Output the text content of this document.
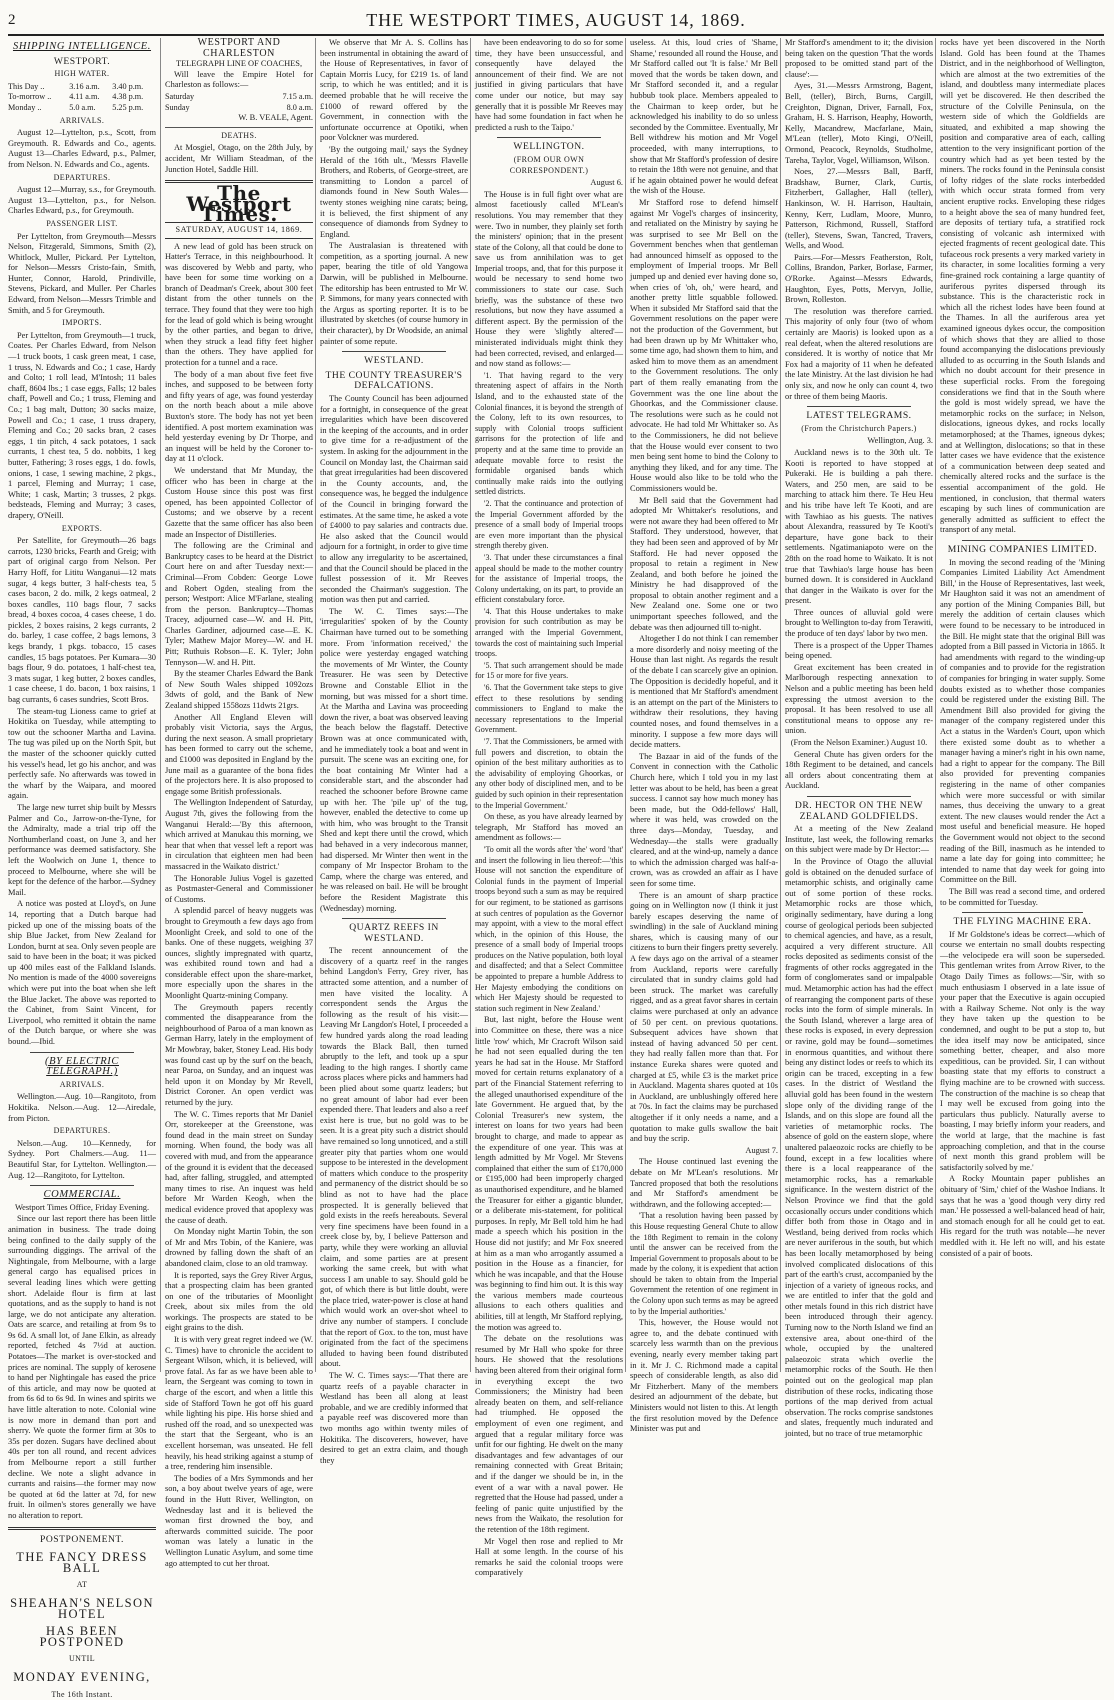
2	THE WESTPORT TIMES, AUGUST 14, 1869.
SHIPPING INTELLIGENCE.
WESTPORT.
HIGH WATER.
This Day ..	3.16 a.m.	3.40 p.m.
To-morrow ..	4.11 a.m.	4.38 p.m.
Monday ..	5.0 a.m.	5.25 p.m.
ARRIVALS.

August 12—Lyttelton, p.s., Scott, from Greymouth. R. Edwards and Co., agents. August 13—Charles Edward, p.s., Palmer, from Nelson. N. Edwards and Co., agents.

DEPARTURES.

August 12—Murray, s.s., for Greymouth. August 13—Lyttelton, p.s., for Nelson. Charles Edward, p.s., for Greymouth.

PASSENGER LIST.

Per Lyttelton, from Greymouth—Messrs Nelson, Fitzgerald, Simmons, Smith (2), Whitlock, Muller, Pickard. Per Lyttelton, for Nelson—Messrs Cristo-fain, Smith, Hunter, Connor, Harold, Prindiville, Stevens, Pickard, and Muller. Per Charles Edward, from Nelson—Messrs Trimble and Smith, and 5 for Greymouth.

IMPORTS.

Per Lyttelton, from Greymouth—1 truck, Coates. Per Charles Edward, from Nelson—1 truck boots, 1 cask green meat, 1 case, 1 truss, N. Edwards and Co.; 1 case, Hardy and Colto; 1 roll lead, M'Intosh; 11 bales chaff, 8604 lbs.; 1 case eggs, Falls; 12 bales chaff, Powell and Co.; 1 truss, Fleming and Co.; 1 bag malt, Dutton; 30 sacks maize, Powell and Co.; 1 case, 1 truss drapery, Fleming and Co.; 20 sacks bran, 2 cases eggs, 1 tin pitch, 4 sack potatoes, 1 sack currants, 1 chest tea, 5 do. nobbits, 1 keg butter, Fathering; 3 roses eggs, 1 do. fowls, onions, 1 case, 1 sewing machine, 2 pkgs., 1 parcel, Fleming and Murray; 1 case, White; 1 cask, Martin; 3 trusses, 2 pkgs. bedsteads, Fleming and Murray; 3 cases, drapery, O'Neill.

EXPORTS.

Per Satellite, for Greymouth—26 bags carrots, 1230 bricks, Fearth and Greig; with part of original cargo from Nelson. Per Harry Hoff, for Lititu Wanganui—12 mats sugar, 4 kegs butter, 3 half-chests tea, 5 cases bacon, 2 do. milk, 2 kegs oatmeal, 2 boxes candles, 110 bags flour, 7 sacks bread, 4 boxes cocoa, 4 cases cheese, 1 do. pickles, 2 boxes raisins, 2 kegs currants, 2 do. barley, 1 case coffee, 2 bags lemons, 3 kegs brandy, 1 pkgs. tobacco, 15 cases candles, 15 bags potatoes. Per Kumara—30 bags flour, 9 do. potatoes, 1 half-chest tea, 3 mats sugar, 1 keg butter, 2 boxes candles, 1 case cheese, 1 do. bacon, 1 box raisins, 1 bag currants, 6 cases sundries, Scott Bros.

The steam-tug Lioness came to grief at Hokitika on Tuesday, while attempting to tow out the schooner Martha and Lavina. The tug was piled up on the North Spit, but the master of the schooner quickly cutted his vessel's head, let go his anchor, and was perfectly safe. No afterwards was towed in the wharf by the Waipara, and moored again.

The large new turret ship built by Messrs Palmer and Co., Jarrow-on-the-Tyne, for the Admiralty, made a trial trip off the Northumberland coast, on June 3, and her performance was deemed satisfactory. She left the Woolwich on June 1, thence to proceed to Melbourne, where she will be kept for the defence of the harbor.—Sydney Mail.

A notice was posted at Lloyd's, on June 14, reporting that a Dutch barque had picked up one of the missing boats of the ship Blue Jacket, from New Zealand for London, burnt at sea. Only seven people are said to have been in the boat; it was picked up 400 miles east of the Falkland Islands. No mention is made of the 4000 sovereigns which were put into the boat when she left the Blue Jacket. The above was reported to the Cabinet, from Saint Vincent, for Liverpool, who remitted it obtain the name of the Dutch barque, or where she was bound.—Ibid.

(BY ELECTRIC TELEGRAPH.)
ARRIVALS.

Wellington.—Aug. 10—Rangitoto, from Hokitika. Nelson.—Aug. 12—Airedale, from Picton.

DEPARTURES.

Nelson.—Aug. 10—Kennedy, for Sydney. Port Chalmers.—Aug. 11—Beautiful Star, for Lyttelton. Wellington.—Aug. 12—Rangitoto, for Lyttelton.

COMMERCIAL.

Westport Times Office, Friday Evening.

Since our last report there has been little animation in business. The trade doing being confined to the daily supply of the surrounding diggings. The arrival of the Nightingale, from Melbourne, with a large general cargo has equalised prices in several leading lines which were getting short. Adelaide flour is firm at last quotations, and as the supply to hand is not large, we do not anticipate any alteration. Oats are scarce, and retailing at from 9s to 9s 6d. A small lot, of Jane Elkin, as already reported, fetched 4s 7½d at auction. Potatoes—The market is over-stocked and prices are nominal. The supply of kerosene to hand per Nightingale has eased the price of this article, and may now be quoted at from 6s 6d to 6s 9d. In wines and spirits we have little alteration to note. Colonial wine is now more in demand than port and sherry. We quote the former firm at 30s to 35s per dozen. Sugars have declined about 40s per ton all round, and recent advices from Melbourne report a still further decline. We note a slight advance in currants and raisins—the former may now be quoted at 6d the latter at 7d, for new fruit. In oilmen's stores generally we have no alteration to report.

POSTPONEMENT.
THE FANCY DRESS BALL
AT
SHEAHAN'S NELSON HOTEL
HAS BEEN POSTPONED
UNTIL
MONDAY EVENING,
The 16th Instant.
WESTPORT AND CHARLESTON
TELEGRAPH LINE OF COACHES,

Will leave the Empire Hotel for Charleston as follows:—

Saturday	7.15 a.m.
Sunday	8.0 a.m.
W. B. VEALE, Agent.
DEATHS.

At Mosgiel, Otago, on the 28th July, by accident, Mr William Steadman, of the Junction Hotel, Saddle Hill.

The Westport Times.
SATURDAY, AUGUST 14, 1869.

A new lead of gold has been struck on Hatter's Terrace, in this neighbourhood. It was discovered by Webb and party, who have been for some time working on a branch of Deadman's Creek, about 300 feet distant from the other tunnels on the terrace. They found that they were too high for the lead of gold which is being wrought by the other parties, and began to drive, when they struck a lead fifty feet higher than the others. They have applied for protection for a tunnel and a race.

The body of a man about five feet five inches, and supposed to be between forty and fifty years of age, was found yesterday on the north beach about a mile above Buxton's store. The body has not yet been identified. A post mortem examination was held yesterday evening by Dr Thorpe, and an inquest will be held by the Coroner to-day at 11 o'clock.

We understand that Mr Munday, the officer who has been in charge at the Custom House since this post was first opened, has been appointed Collector of Customs; and we observe by a recent Gazette that the same officer has also been made an Inspector of Distilleries.

The following are the Criminal and Bankruptcy cases to be heard at the District Court here on and after Tuesday next:—Criminal—From Cobden: George Lowe and Robert Ogden, stealing from the person; Westport: Alice M'Farlane, stealing from the person. Bankruptcy—Thomas Tracey, adjourned case—W. and H. Pitt, Charles Gardiner, adjourned case—E. K. Tyler; Mathew Major Morey—W. and H. Pitt; Ruthuis Robson—E. K. Tyler; John Tennyson—W. and H. Pitt.

By the steamer Charles Edward the Bank of New South Wales shipped 1092ozs 3dwts of gold, and the Bank of New Zealand shipped 1558ozs 11dwts 21grs.

Another All England Eleven will probably visit Victoria, says the Argus, during the next season. A small proprietary has been formed to carry out the scheme, and £1000 was deposited in England by the June mail as a guarantee of the bona fides of the projectors here. It is also proposed to engage some British professionals.

The Wellington Independent of Saturday, August 7th, gives the following from the Wanganui Herald:—'By this afternoon, which arrived at Manukau this morning, we hear that when that vessel left a report was in circulation that eighteen men had been massacred in the Waikato district.'

The Honorable Julius Vogel is gazetted as Postmaster-General and Commissioner of Customs.

A splendid parcel of heavy nuggets was brought to Greymouth a few days ago from Moonlight Creek, and sold to one of the banks. One of these nuggets, weighing 37 ounces, slightly impregnated with quartz, was exhibited round town and had a considerable effect upon the share-market, more especially upon the shares in the Moonlight Quartz-mining Company.

The Greymouth papers recently commented the disappearance from the neighbourhood of Paroa of a man known as German Harry, lately in the employment of Mr Mowbray, baker, Stoney Lead. His body was found cast up by the surf on the beach, near Paroa, on Sunday, and an inquest was held upon it on Monday by Mr Revell, District Coroner. An open verdict was returned by the jury.

The W. C. Times reports that Mr Daniel Orr, storekeeper at the Greenstone, was found dead in the main street on Sunday morning. When found, the body was all covered with mud, and from the appearance of the ground it is evident that the deceased had, after falling, struggled, and attempted many times to rise. An inquest was held before Mr Warden Keogh, when the medical evidence proved that apoplexy was the cause of death.

On Monday night Martin Tobin, the son of Mr and Mrs Tobin, of the Kaniere, was drowned by falling down the shaft of an abandoned claim, close to an old tramway.

It is reported, says the Grey River Argus, that a prospecting claim has been granted on one of the tributaries of Moonlight Creek, about six miles from the old workings. The prospects are stated to be eight grains to the dish.

It is with very great regret indeed we (W. C. Times) have to chronicle the accident to Sergeant Wilson, which, it is believed, will prove fatal. As far as we have been able to learn, the Sergeant was coming to town in charge of the escort, and when a little this side of Stafford Town he got off his guard while lighting his pipe. His horse shied and rushed off the road, and so unexpected was the start that the Sergeant, who is an excellent horseman, was unseated. He fell heavily, his head striking against a stump of a tree, rendering him insensible.

The bodies of a Mrs Symmonds and her son, a boy about twelve years of age, were found in the Hutt River, Wellington, on Wednesday last and it is believed the woman first drowned the boy, and afterwards committed suicide. The poor woman was lately a lunatic in the Wellington Lunatic Asylum, and some time ago attempted to cut her throat.

We observe that Mr A. S. Collins has been instrumental in obtaining the award of the House of Representatives, in favor of Captain Morris Lucy, for £219 1s. of land scrip, to which he was entitled; and it is deemed probable that he will receive the £1000 of reward offered by the Government, in connection with the unfortunate occurrence at Opotiki, when poor Volckner was murdered.

'By the outgoing mail,' says the Sydney Herald of the 16th ult., 'Messrs Flavelle Brothers, and Roberts, of George-street, are transmitting to London a parcel of diamonds found in New South Wales—twenty stones weighing nine carats; being, it is believed, the first shipment of any consequence of diamonds from Sydney to England.

The Australasian is threatened with competition, as a sporting journal. A new paper, bearing the title of old Yangowa Darwin, will be published in Melbourne. The editorship has been entrusted to Mr W. P. Simmons, for many years connected with the Argus as sporting reporter. It is to be illustrated by sketches (of course humory in their character), by Dr Woodside, an animal painter of some repute.

WESTLAND.
THE COUNTY TREASURER'S DEFALCATIONS.

The County Council has been adjourned for a fortnight, in consequence of the great irregularities which have been discovered in the keeping of the accounts, and in order to give time for a re-adjustment of the system. In asking for the adjournment in the Council on Monday last, the Chairman said that great irregularities had been discovered in the County accounts, and, the consequence was, he begged the indulgence of the Council in bringing forward the estimates. At the same time, he asked a vote of £4000 to pay salaries and contracts due. He also asked that the Council would adjourn for a fortnight, in order to give time to allow any irregularity to be ascertained, and that the Council should be placed in the fullest possession of it. Mr Reeves seconded the Chairman's suggestion. The motion was then put and carried.

The W. C. Times says:—The 'irregularities' spoken of by the County Chairman have turned out to be something more. From 'information received,' the police were yesterday engaged watching the movements of Mr Winter, the County Treasurer. He was seen by Detective Browne and Constable Elliot in the morning, but was missed for a short time. At the Martha and Lavina was proceeding down the river, a boat was observed leaving the beach below the flagstaff. Detective Brown was at once communicated with, and he immediately took a boat and went in pursuit. The scene was an exciting one, for the boat containing Mr Winter had a considerable start, and the absconder had reached the schooner before Browne came up with her. The 'pile up' of the tug, however, enabled the detective to come up with him, who was brought to the Transit Shed and kept there until the crowd, which had behaved in a very indecorous manner, had dispersed. Mr Winter then went in the company of Mr Inspector Broham to the Camp, where the charge was entered, and he was released on bail. He will be brought before the Resident Magistrate this (Wednesday) morning.

QUARTZ REEFS IN WESTLAND.

The recent announcement of the discovery of a quartz reef in the ranges behind Langdon's Ferry, Grey river, has attracted some attention, and a number of men have visited the locality. A correspondent sends the Argus the following as the result of his visit:—Leaving Mr Langdon's Hotel, I proceeded a few hundred yards along the road leading towards the Black Ball, then turned abruptly to the left, and took up a spur leading to the high ranges. I shortly came across places where picks and hammers had been plied about some quartz leaders; but no great amount of labor had ever been expended there. That leaders and also a reef exist here is true, but no gold was to be seen. It is a great pity such a district should have remained so long unnoticed, and a still greater pity that parties whom one would suppose to be interested in the development of matters which conduce to the prosperity and permanency of the district should be so blind as not to have had the place prospected. It is generally believed that gold exists in the reefs hereabouts. Several very fine specimens have been found in a creek close by, by, I believe Patterson and party, while they were working an alluvial claim, and some parties are at present working the same creek, but with what success I am unable to say. Should gold be got, of which there is but little doubt, were the place tried, water-power is close at hand which would work an over-shot wheel to drive any number of stampers. I conclude that the report of Gox. to the ton, must have originated from the fact of the specimens alluded to having been found distributed about.

The W. C. Times says:—'That there are quartz reefs of a payable character in Westland has been all along at least probable, and we are credibly informed that a payable reef was discovered more than two months ago within twenty miles of Hokitika. The discoverers, however, have desired to get an extra claim, and though they

have been endeavoring to do so for some time, they have been unsuccessful, and consequently have delayed the announcement of their find. We are not justified in giving particulars that have come under our notice, but may say generally that it is possible Mr Reeves may have had some foundation in fact when he predicted a rush to the Taipo.'

WELLINGTON.
(FROM OUR OWN CORRESPONDENT.)

August 6.

The House is in full fight over what are almost facetiously called M'Lean's resolutions. You may remember that they were. Two in number, they plainly set forth the ministers' opinion; that in the present state of the Colony, all that could be done to save us from annihilation was to get Imperial troops, and, that for this purpose it would be necessary to send home two commissioners to state our case. Such briefly, was the substance of these two resolutions, but now they have assumed a different aspect. By the permission of the House they were 'slightly altered'—ministerated individuals might think they had been corrected, revised, and enlarged—and now stand as follows:—

'1. That having regard to the very threatening aspect of affairs in the North Island, and to the exhausted state of the Colonial finances, it is beyond the strength of the Colony, left to its own resources, to supply with Colonial troops sufficient garrisons for the protection of life and property and at the same time to provide an adequate movable force to resist the formidable organised bands which continually make raids into the outlying settled districts.

'2. That the continuance and protection of the Imperial Government afforded by the presence of a small body of Imperial troops are even more important than the physical strength thereby given.

'3. That under these circumstances a final appeal should be made to the mother country for the assistance of Imperial troops, the Colony undertaking, on its part, to provide an efficient constabulary force.

'4. That this House undertakes to make provision for such contribution as may be arranged with the Imperial Government, towards the cost of maintaining such Imperial troops.

'5. That such arrangement should be made for 15 or more for five years.

'6. That the Government take steps to give effect to these resolutions by sending commissioners to England to make the necessary representations to the Imperial Government.

'7. That the Commissioners, be armed with full powers and discretion, to obtain the opinion of the best military authorities as to the advisability of employing Ghoorkas, or any other body of disciplined men, and to be guided by such opinion in their representation to the Imperial Government.'

On these, as you have already learned by telegraph, Mr Stafford has moved an amendment as follows:—

'To omit all the words after 'the' word 'that' and insert the following in lieu thereof:—'this House will not sanction the expenditure of Colonial funds in the payment of Imperial troops beyond such a sum as may be required for our regiment, to be stationed as garrisons at such centres of population as the Governor may appoint, with a view to the moral effect which, in the opinion of this House, the presence of a small body of Imperial troops produces on the Native population, both loyal and disaffected; and that a Select Committee be appointed to prepare a humble Address to Her Majesty embodying the conditions on which Her Majesty should be requested to station such regiment in New Zealand.'

But, last night, before the House went into Committee on these, there was a nice little 'row' which, Mr Cracroft Wilson said he had not seen equalled during the ten years he had sat in the House. Mr Stafford moved for certain returns explanatory of a part of the Financial Statement referring to the alleged unauthorised expenditure of the late Government. He argued that, by the Colonial Treasurer's new system, the interest on loans for two years had been brought to charge, and made to appear as the expenditure of one year. This was at length admitted by Mr Vogel. Mr Stevens complained that either the sum of £170,000 or £195,000 had been improperly charged as unauthorised expenditure, and he blamed the Treasurer for either a gigantic blunder, or a deliberate mis-statement, for political purposes. In reply, Mr Bell told him he had made a speech which his position in the House did not justify; and Mr Fox sneered at him as a man who arrogantly assumed a position in the House as a financier, for which he was incapable, and that the House was beginning to find him out. It is this way the various members made courteous allusions to each others qualities and abilities, till at length, Mr Stafford replying, the motion was agreed to.

The debate on the resolutions was resumed by Mr Hall who spoke for three hours. He showed that the resolutions having been altered from their original form in everything except the two Commissioners; the Ministry had been already beaten on them, and self-reliance had triumphed. He opposed the employment of even one regiment, and argued that a regular military force was unfit for our fighting. He dwelt on the many disadvantages and few advantages of our remaining connected with Great Britain; and if the danger we should be in, in the event of a war with a naval power. He regretted that the House had passed, under a feeling of panic quite unjustified by the news from the Waikato, the resolution for the retention of the 18th regiment.

Mr Vogel then rose and replied to Mr Hall at some length. In the course of his remarks he said the colonial troops were comparatively

useless. At this, loud cries of 'Shame, Shame,' resounded all round the House, and Mr Stafford called out 'It is false.' Mr Bell moved that the words be taken down, and Mr Stafford seconded it, and a regular hubbub took place. Members appealed to the Chairman to keep order, but he acknowledged his inability to do so unless seconded by the Committee. Eventually, Mr Bell withdrew his motion and Mr Vogel proceeded, with many interruptions, to show that Mr Stafford's profession of desire to retain the 18th were not genuine, and that if he again obtained power he would defeat the wish of the House.

Mr Stafford rose to defend himself against Mr Vogel's charges of insincerity, and retaliated on the Ministry by saying he was surprised to see Mr Bell on the Government benches when that gentleman had announced himself as opposed to the employment of Imperial troops. Mr Bell jumped up and denied ever having done so, when cries of 'oh, oh,' were heard, and another pretty little squabble followed. When it subsided Mr Stafford said that the Government resolutions on the paper were not the production of the Government, but had been drawn up by Mr Whittaker who, some time ago, had shown them to him, and asked him to move them as an amendment to the Government resolutions. The only part of them really emanating from the Government was the one line about the Ghoorkas, and the Commissioner clause. The resolutions were such as he could not advocate. He had told Mr Whittaker so. As to the Commissioners, he did not believe that the House would ever consent to two men being sent home to bind the Colony to anything they liked, and for any time. The House would also like to be told who the Commissioners would be.

Mr Bell said that the Government had adopted Mr Whittaker's resolutions, and were not aware they had been offered to Mr Stafford. They understood, however, that they had been seen and approved of by Mr Stafford. He had never opposed the proposal to retain a regiment in New Zealand, and both before he joined the Ministry he had disapproved of the proposal to obtain another regiment and a New Zealand one. Some one or two unimportant speeches followed, and the debate was then adjourned till to-night.

Altogether I do not think I can remember a more disorderly and noisy meeting of the House than last night. As regards the result of the debate I can scarcely give an opinion. The Opposition is decidedly hopeful, and it is mentioned that Mr Stafford's amendment is an attempt on the part of the Ministers to withdraw their resolutions, they having counted noses, and found themselves in a minority. I suppose a few more days will decide matters.

The Bazaar in aid of the funds of the Convent in connection with the Catholic Church here, which I told you in my last letter was about to be held, has been a great success. I cannot say how much money has been made, but the Odd-fellows' Hall, where it was held, was crowded on the three days—Monday, Tuesday, and Wednesday—the stalls were gradually cleared, and at the wind-up, namely a dance to which the admission charged was half-a-crown, was as crowded an affair as I have seen for some time.

There is an amount of sharp practice going on in Wellington now (I think it just barely escapes deserving the name of swindling) in the sale of Auckland mining shares, which is causing many of our citizens to burn their fingers pretty severely. A few days ago on the arrival of a steamer from Auckland, reports were carefully circulated that in sundry claims gold had been struck. The market was carefully rigged, and as a great favor shares in certain claims were purchased at only an advance of 50 per cent. on previous quotations. Subsequent advices have shown that instead of having advanced 50 per cent. they had really fallen more than that. For instance Eureka shares were quoted and charged at £5, while £3 is the market price in Auckland. Magenta shares quoted at 10s in Auckland, are unblushingly offered here at 70s. In fact the claims may be purchased altogether if it only needs a name, and a quotation to make gulls swallow the bait and buy the scrip.

August 7.

The House continued last evening the debate on Mr M'Lean's resolutions. Mr Tancred proposed that both the resolutions and Mr Stafford's amendment be withdrawn, and the following accepted:—

'That a resolution having been passed by this House requesting General Chute to allow the 18th Regiment to remain in the colony until the answer can be received from the Imperial Government to proposals about to be made by the colony, it is expedient that action should be taken to obtain from the Imperial Government the retention of one regiment in the Colony upon such terms as may be agreed to by the Imperial authorities.'

This, however, the House would not agree to, and the debate continued with scarcely less warmth than on the previous evening, nearly every member taking part in it. Mr J. C. Richmond made a capital speech of considerable length, as also did Mr Fitzherbert. Many of the members desired an adjournment of the debate, but Ministers would not listen to this. At length the first resolution moved by the Defence Minister was put and

Mr Stafford's amendment to it; the division being taken on the question 'That the words proposed to be omitted stand part of the clause':—

Ayes, 31.—Messrs Armstrong, Bagent, Bell, (teller), Birch, Burns, Cargill, Creighton, Dignan, Driver, Farnall, Fox, Graham, H. S. Harrison, Heaphy, Howorth, Kelly, Macandrew, Macfarlane, Main, M'Lean (teller), Moto Kingi, O'Neill, Ormond, Peacock, Reynolds, Studholme, Tareha, Taylor, Vogel, Williamson, Wilson.

Noes, 27.—Messrs Ball, Barff, Bradshaw, Burner, Clark, Curtis, Fitzherbert, Gallagher, Hall (teller), Hankinson, W. H. Harrison, Haultain, Kenny, Kerr, Ludlam, Moore, Munro, Patterson, Richmond, Russell, Stafford (teller), Stevens, Swan, Tancred, Travers, Wells, and Wood.

Pairs.—For—Messrs Featherston, Rolt, Collins, Brandon, Parker, Borlase, Farmer, O'Rorke. Against—Messrs Edwards, Haughton, Eyes, Potts, Mervyn, Jollie, Brown, Rolleston.

The resolution was therefore carried. This majority of only four (two of whom certainly are Maoris) is looked upon as a real defeat, when the altered resolutions are considered. It is worthy of notice that Mr Fox had a majority of 11 when he defeated the late Ministry. At the last division he had only six, and now he only can count 4, two or three of them being Maoris.

LATEST TELEGRAMS.
(From the Christchurch Papers.)

Wellington, Aug. 3.

Auckland news is to the 30th ult. Te Kooti is reported to have stopped at Pukeraki. He is building a pah there. Waters, and 250 men, are said to be marching to attack him there. Te Heu Heu and his tribe have left Te Kooti, and are with Tawhiao as his guests. The natives about Alexandra, reassured by Te Kooti's departure, have gone back to their settlements. Ngatimaniapoto were on the 28th on the road home to Waikato. It is not true that Tawhiao's large house has been burned down. It is considered in Auckland that danger in the Waikato is over for the present.

Three ounces of alluvial gold were brought to Wellington to-day from Terawiti, the produce of ten days' labor by two men.

There is a prospect of the Upper Thames being opened.

Great excitement has been created in Marlborough respecting annexation to Nelson and a public meeting has been held expressing the utmost aversion to the proposal. It has been resolved to use all constitutional means to oppose any re-union.

(From the Nelson Examiner.) August 10.

General Chute has given orders for the 18th Regiment to be detained, and cancels all orders about concentrating them at Auckland.

DR. HECTOR ON THE NEW ZEALAND GOLDFIELDS.

At a meeting of the New Zealand Institute, last week, the following remarks on this subject were made by Dr Hector:—

In the Province of Otago the alluvial gold is obtained on the denuded surface of metamorphic schists, and originally came out of some portion of these rocks. Metamorphic rocks are those which, originally sedimentary, have during a long course of geological periods been subjected to chemical agencies, and have, as a result, acquired a very different structure. All rocks deposited as sediments consist of the fragments of other rocks aggregated in the form of conglomerates sand or impalpable mud. Metamorphic action has had the effect of rearranging the component parts of these rocks into the form of simple minerals. In the South Island, wherever a large area of these rocks is exposed, in every depression or ravine, gold may be found—sometimes in enormous quantities, and without there being any distinct lodes or reefs to which its origin can be traced, excepting in a few cases. In the district of Westland the alluvial gold has been found in the western slope only of the dividing range of the Islands, and on this slope are found all the varieties of metamorphic rocks. The absence of gold on the eastern slope, where unaltered palaeozoic rocks are chiefly to be found, except in a few localities where there is a local reappearance of the metamorphic rocks, has a remarkable significance. In the western district of the Nelson Province we find that the gold occasionally occurs under conditions which differ both from those in Otago and in Westland, being derived from rocks which are never auriferous in the south, but which has been locally metamorphosed by being involved complicated dislocations of this part of the earth's crust, accompanied by the injection of a variety of igneous rocks, and we are entitled to infer that the gold and other metals found in this rich district have been introduced through their agency. Turning now to the North Island we find an extensive area, about one-third of the whole, occupied by the unaltered palaeozoic strata which overlie the metamorphic rocks of the South. He then pointed out on the geological map plan distribution of these rocks, indicating those portions of the map derived from actual observation. The rocks comprise sandstones and slates, frequently much indurated and jointed, but no trace of true metamorphic

rocks have yet been discovered in the North Island. Gold has been found at the Thames District, and in the neighborhood of Wellington, which are almost at the two extremities of the island, and doubtless many intermediate places will yet be discovered. He then described the structure of the Colville Peninsula, on the western side of which the Goldfields are situated, and exhibited a map showing the position and comparative area of each, calling attention to the very insignificant portion of the country which had as yet been tested by the miners. The rocks found in the Peninsula consist of lofty ridges of the slate rocks interbedded with which occur strata formed from very ancient eruptive rocks. Enveloping these ridges to a height above the sea of many hundred feet, are deposits of tertiary tufa, a stratified rock consisting of volcanic ash intermixed with ejected fragments of recent geological date. This tufaceous rock presents a very marked variety in its character, in some localities forming a very fine-grained rock containing a large quantity of auriferous pyrites dispersed through its substance. This is the characteristic rock in which all the richest lodes have been found at the Thames. In all the auriferous area yet examined igneous dykes occur, the composition of which shows that they are allied to those found accompanying the dislocations previously alluded to as occurring in the South Islands and which no doubt account for their presence in these superficial rocks. From the foregoing considerations we find that in the South where the gold is most widely spread, we have the metamorphic rocks on the surface; in Nelson, dislocations, igneous dykes, and rocks locally metamorphosed; at the Thames, igneous dykes; and at Wellington, dislocations; so that in these latter cases we have evidence that the existence of a communication between deep seated and chemically altered rocks and the surface is the essential accompaniment of the gold. He mentioned, in conclusion, that thermal waters escaping by such lines of communication are generally admitted as sufficient to effect the transport of any metal.

MINING COMPANIES LIMITED.

In moving the second reading of the 'Mining Companies Limited Liability Act Amendment Bill,' in the House of Representatives, last week, Mr Haughton said it was not an amendment of any portion of the Mining Companies Bill, but merely the addition of certain clauses which were found to be necessary to be introduced in the Bill. He might state that the original Bill was adopted from a Bill passed in Victoria in 1865. It had amendments with regard to the winding-up of companies and to provide for the registration of companies for bringing in water supply. Some doubts existed as to whether those companies could be registered under the existing Bill. The Amendment Bill also provided for giving the manager of the company registered under this Act a status in the Warden's Court, upon which there existed some doubt as to whether a manager having a miner's right in his own name, had a right to appear for the company. The Bill also provided for preventing companies registering in the name of other companies which were more successful or with similar names, thus deceiving the unwary to a great extent. The new clauses would render the Act a most useful and beneficial measure. He hoped the Government would not object to the second reading of the Bill, inasmuch as he intended to name a late day for going into committee; he intended to name that day week for going into Committee on the Bill.

The Bill was read a second time, and ordered to be committed for Tuesday.

THE FLYING MACHINE ERA.

If Mr Goldstone's ideas be correct—which of course we entertain no small doubts respecting—the velocipede era will soon be superseded. This gentleman writes from Arrow River, to the Otago Daily Times as follows:—'Sir, with so much enthusiasm I observed in a late issue of your paper that the Executive is again occupied with a Railway Scheme. Not only is the way they have taken up the question to be condemned, and ought to be put a stop to, but the idea itself may now be anticipated, since something better, cheaper, and also more expeditious, can be provided. Sir, I can without boasting state that my efforts to construct a flying machine are to be crowned with success. The construction of the machine is so cheap that I may well be excused from going into the particulars thus publicly. Naturally averse to boasting, I may briefly inform your readers, and the world at large, that the machine is fast approaching completion, and that in the course of next month this grand problem will be satisfactorily solved by me.'

A Rocky Mountain paper publishes an obituary of 'Sim,' chief of the Washoe Indians. It says that he was a 'good though very dirty red man.' He possessed a well-balanced head of hair, and stomach enough for all he could get to eat. His regard for the truth was notable—he never meddled with it. He left no will, and his estate consisted of a pair of boots.
